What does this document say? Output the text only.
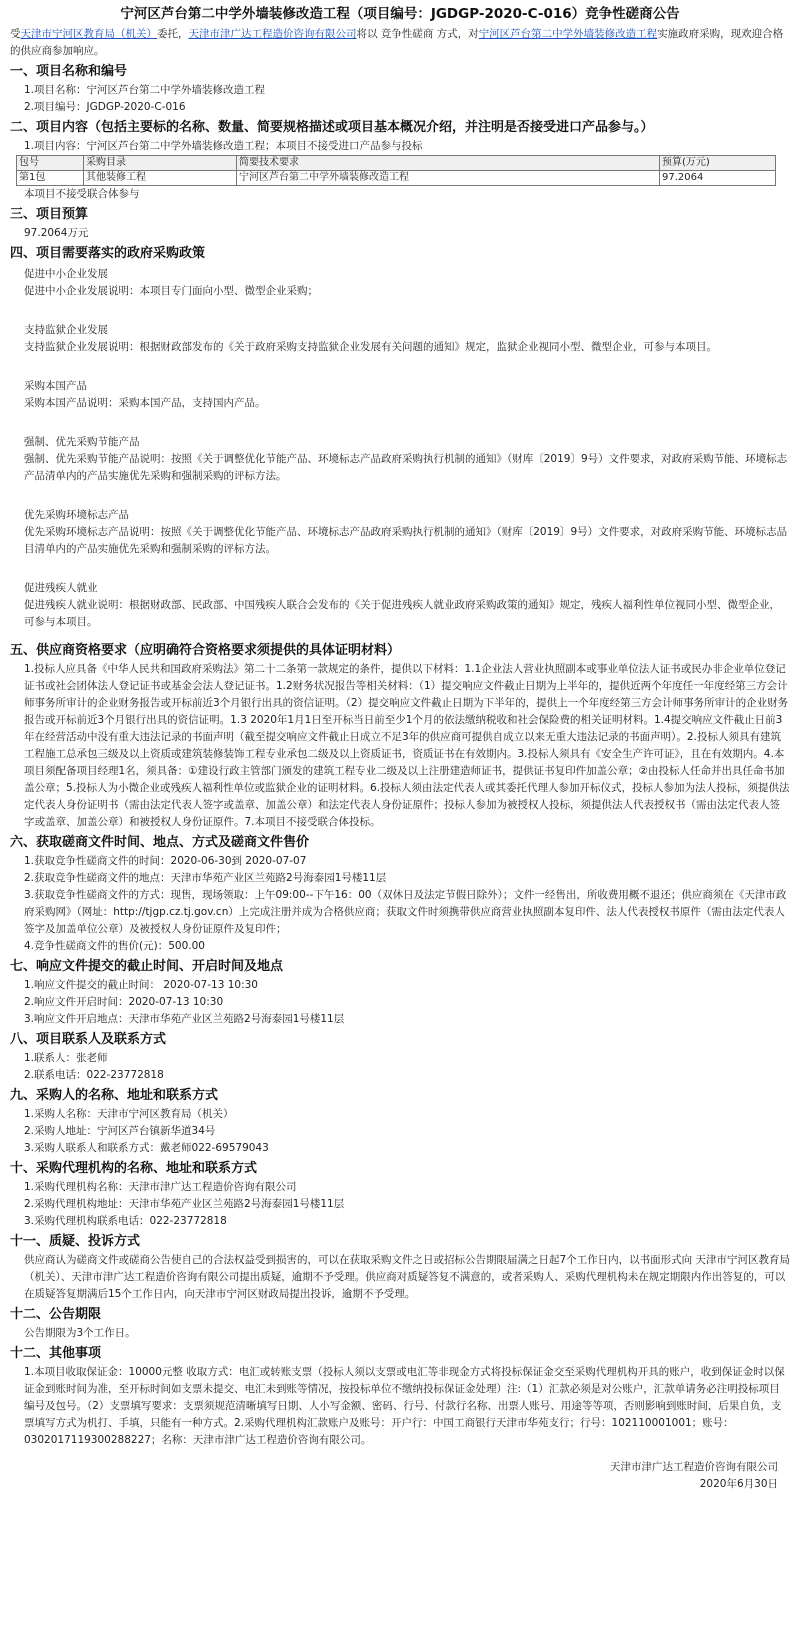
宁河区芦台第二中学外墙装修改造工程（项目编号：JGDGP-2020-C-016）竞争性磋商公告
受天津市宁河区教育局（机关）委托，天津市津广达工程造价咨询有限公司将以 竞争性磋商 方式，对宁河区芦台第二中学外墙装修改造工程实施政府采购，现欢迎合格的供应商参加响应。
一、项目名称和编号
1.项目名称：宁河区芦台第二中学外墙装修改造工程
2.项目编号：JGDGP-2020-C-016
二、项目内容（包括主要标的名称、数量、简要规格描述或项目基本概况介绍，并注明是否接受进口产品参与。）
1.项目内容：宁河区芦台第二中学外墙装修改造工程；本项目不接受进口产品参与投标
包号	采购目录	简要技术要求	预算(万元)
第1包	其他装修工程	宁河区芦台第二中学外墙装修改造工程	97.2064
本项目不接受联合体参与
三、项目预算
97.2064万元
四、项目需要落实的政府采购政策
促进中小企业发展
促进中小企业发展说明：本项目专门面向小型、微型企业采购；
支持监狱企业发展
支持监狱企业发展说明：根据财政部发布的《关于政府采购支持监狱企业发展有关问题的通知》规定，监狱企业视同小型、微型企业，可参与本项目。
采购本国产品
采购本国产品说明：采购本国产品，支持国内产品。
强制、优先采购节能产品
强制、优先采购节能产品说明：按照《关于调整优化节能产品、环境标志产品政府采购执行机制的通知》（财库〔2019〕9号）文件要求，对政府采购节能、环境标志产品清单内的产品实施优先采购和强制采购的评标方法。
优先采购环境标志产品
优先采购环境标志产品说明：按照《关于调整优化节能产品、环境标志产品政府采购执行机制的通知》（财库〔2019〕9号）文件要求，对政府采购节能、环境标志品目清单内的产品实施优先采购和强制采购的评标方法。
促进残疾人就业
促进残疾人就业说明：根据财政部、民政部、中国残疾人联合会发布的《关于促进残疾人就业政府采购政策的通知》规定，残疾人福利性单位视同小型、微型企业，可参与本项目。
五、供应商资格要求（应明确符合资格要求须提供的具体证明材料）
1.投标人应具备《中华人民共和国政府采购法》第二十二条第一款规定的条件，提供以下材料：1.1企业法人营业执照副本或事业单位法人证书或民办非企业单位登记证书或社会团体法人登记证书或基金会法人登记证书。1.2财务状况报告等相关材料：（1）提交响应文件截止日期为上半年的，提供近两个年度任一年度经第三方会计师事务所审计的企业财务报告或开标前近3个月银行出具的资信证明。（2）提交响应文件截止日期为下半年的，提供上一个年度经第三方会计师事务所审计的企业财务报告或开标前近3个月银行出具的资信证明。1.3 2020年1月1日至开标当日前至少1个月的依法缴纳税收和社会保险费的相关证明材料。1.4提交响应文件截止日前3年在经营活动中没有重大违法记录的书面声明（截至提交响应文件截止日成立不足3年的供应商可提供自成立以来无重大违法记录的书面声明）。2.投标人须具有建筑工程施工总承包三级及以上资质或建筑装修装饰工程专业承包二级及以上资质证书，资质证书在有效期内。3.投标人须具有《安全生产许可证》，且在有效期内。4.本项目须配备项目经理1名，须具备：①建设行政主管部门颁发的建筑工程专业二级及以上注册建造师证书，提供证书复印件加盖公章；②由投标人任命并出具任命书加盖公章；5.投标人为小微企业或残疾人福利性单位或监狱企业的证明材料。6.投标人须由法定代表人或其委托代理人参加开标仪式，投标人参加为法人投标，须提供法定代表人身份证明书（需由法定代表人签字或盖章、加盖公章）和法定代表人身份证原件；投标人参加为被授权人投标，须提供法人代表授权书（需由法定代表人签字或盖章、加盖公章）和被授权人身份证原件。7.本项目不接受联合体投标。
六、获取磋商文件时间、地点、方式及磋商文件售价
1.获取竞争性磋商文件的时间：2020-06-30到 2020-07-07
2.获取竞争性磋商文件的地点：天津市华苑产业区兰苑路2号海泰园1号楼11层
3.获取竞争性磋商文件的方式：现售，现场领取：上午09:00--下午16：00（双休日及法定节假日除外）；文件一经售出，所收费用概不退还；供应商须在《天津市政府采购网》（网址：http://tjgp.cz.tj.gov.cn）上完成注册并成为合格供应商；获取文件时须携带供应商营业执照副本复印件、法人代表授权书原件（需由法定代表人签字及加盖单位公章）及被授权人身份证原件及复印件；
4.竞争性磋商文件的售价(元)：500.00
七、响应文件提交的截止时间、开启时间及地点
1.响应文件提交的截止时间： 2020-07-13 10:30
2.响应文件开启时间：2020-07-13 10:30
3.响应文件开启地点：天津市华苑产业区兰苑路2号海泰园1号楼11层
八、项目联系人及联系方式
1.联系人：张老师
2.联系电话：022-23772818
九、采购人的名称、地址和联系方式
1.采购人名称：天津市宁河区教育局（机关）
2.采购人地址：宁河区芦台镇新华道34号
3.采购人联系人和联系方式：戴老师022-69579043
十、采购代理机构的名称、地址和联系方式
1.采购代理机构名称：天津市津广达工程造价咨询有限公司
2.采购代理机构地址：天津市华苑产业区兰苑路2号海泰园1号楼11层
3.采购代理机构联系电话：022-23772818
十一、质疑、投诉方式
供应商认为磋商文件或磋商公告使自己的合法权益受到损害的，可以在获取采购文件之日或招标公告期限届满之日起7个工作日内，以书面形式向 天津市宁河区教育局（机关）、天津市津广达工程造价咨询有限公司提出质疑，逾期不予受理。供应商对质疑答复不满意的，或者采购人、采购代理机构未在规定期限内作出答复的，可以在质疑答复期满后15个工作日内，向天津市宁河区财政局提出投诉，逾期不予受理。
十二、公告期限
公告期限为3个工作日。
十二、其他事项
1.本项目收取保证金：10000元整 收取方式：电汇或转账支票（投标人须以支票或电汇等非现金方式将投标保证金交至采购代理机构开具的账户，收到保证金时以保证金到账时间为准，至开标时间如支票未提交、电汇未到账等情况，按投标单位不缴纳投标保证金处理）注:（1）汇款必须是对公账户，汇款单请务必注明投标项目编号及包号。（2）支票填写要求：支票须规范清晰填写日期、人小写金额、密码、行号、付款行名称、出票人账号、用途等等项，否则影响到账时间，后果自负，支票填写方式为机打、手填，只能有一种方式。2.采购代理机构汇款账户及账号：开户行：中国工商银行天津市华苑支行；行号：102110001001；账号：0302017119300288227；名称：天津市津广达工程造价咨询有限公司。
天津市津广达工程造价咨询有限公司
2020年6月30日
